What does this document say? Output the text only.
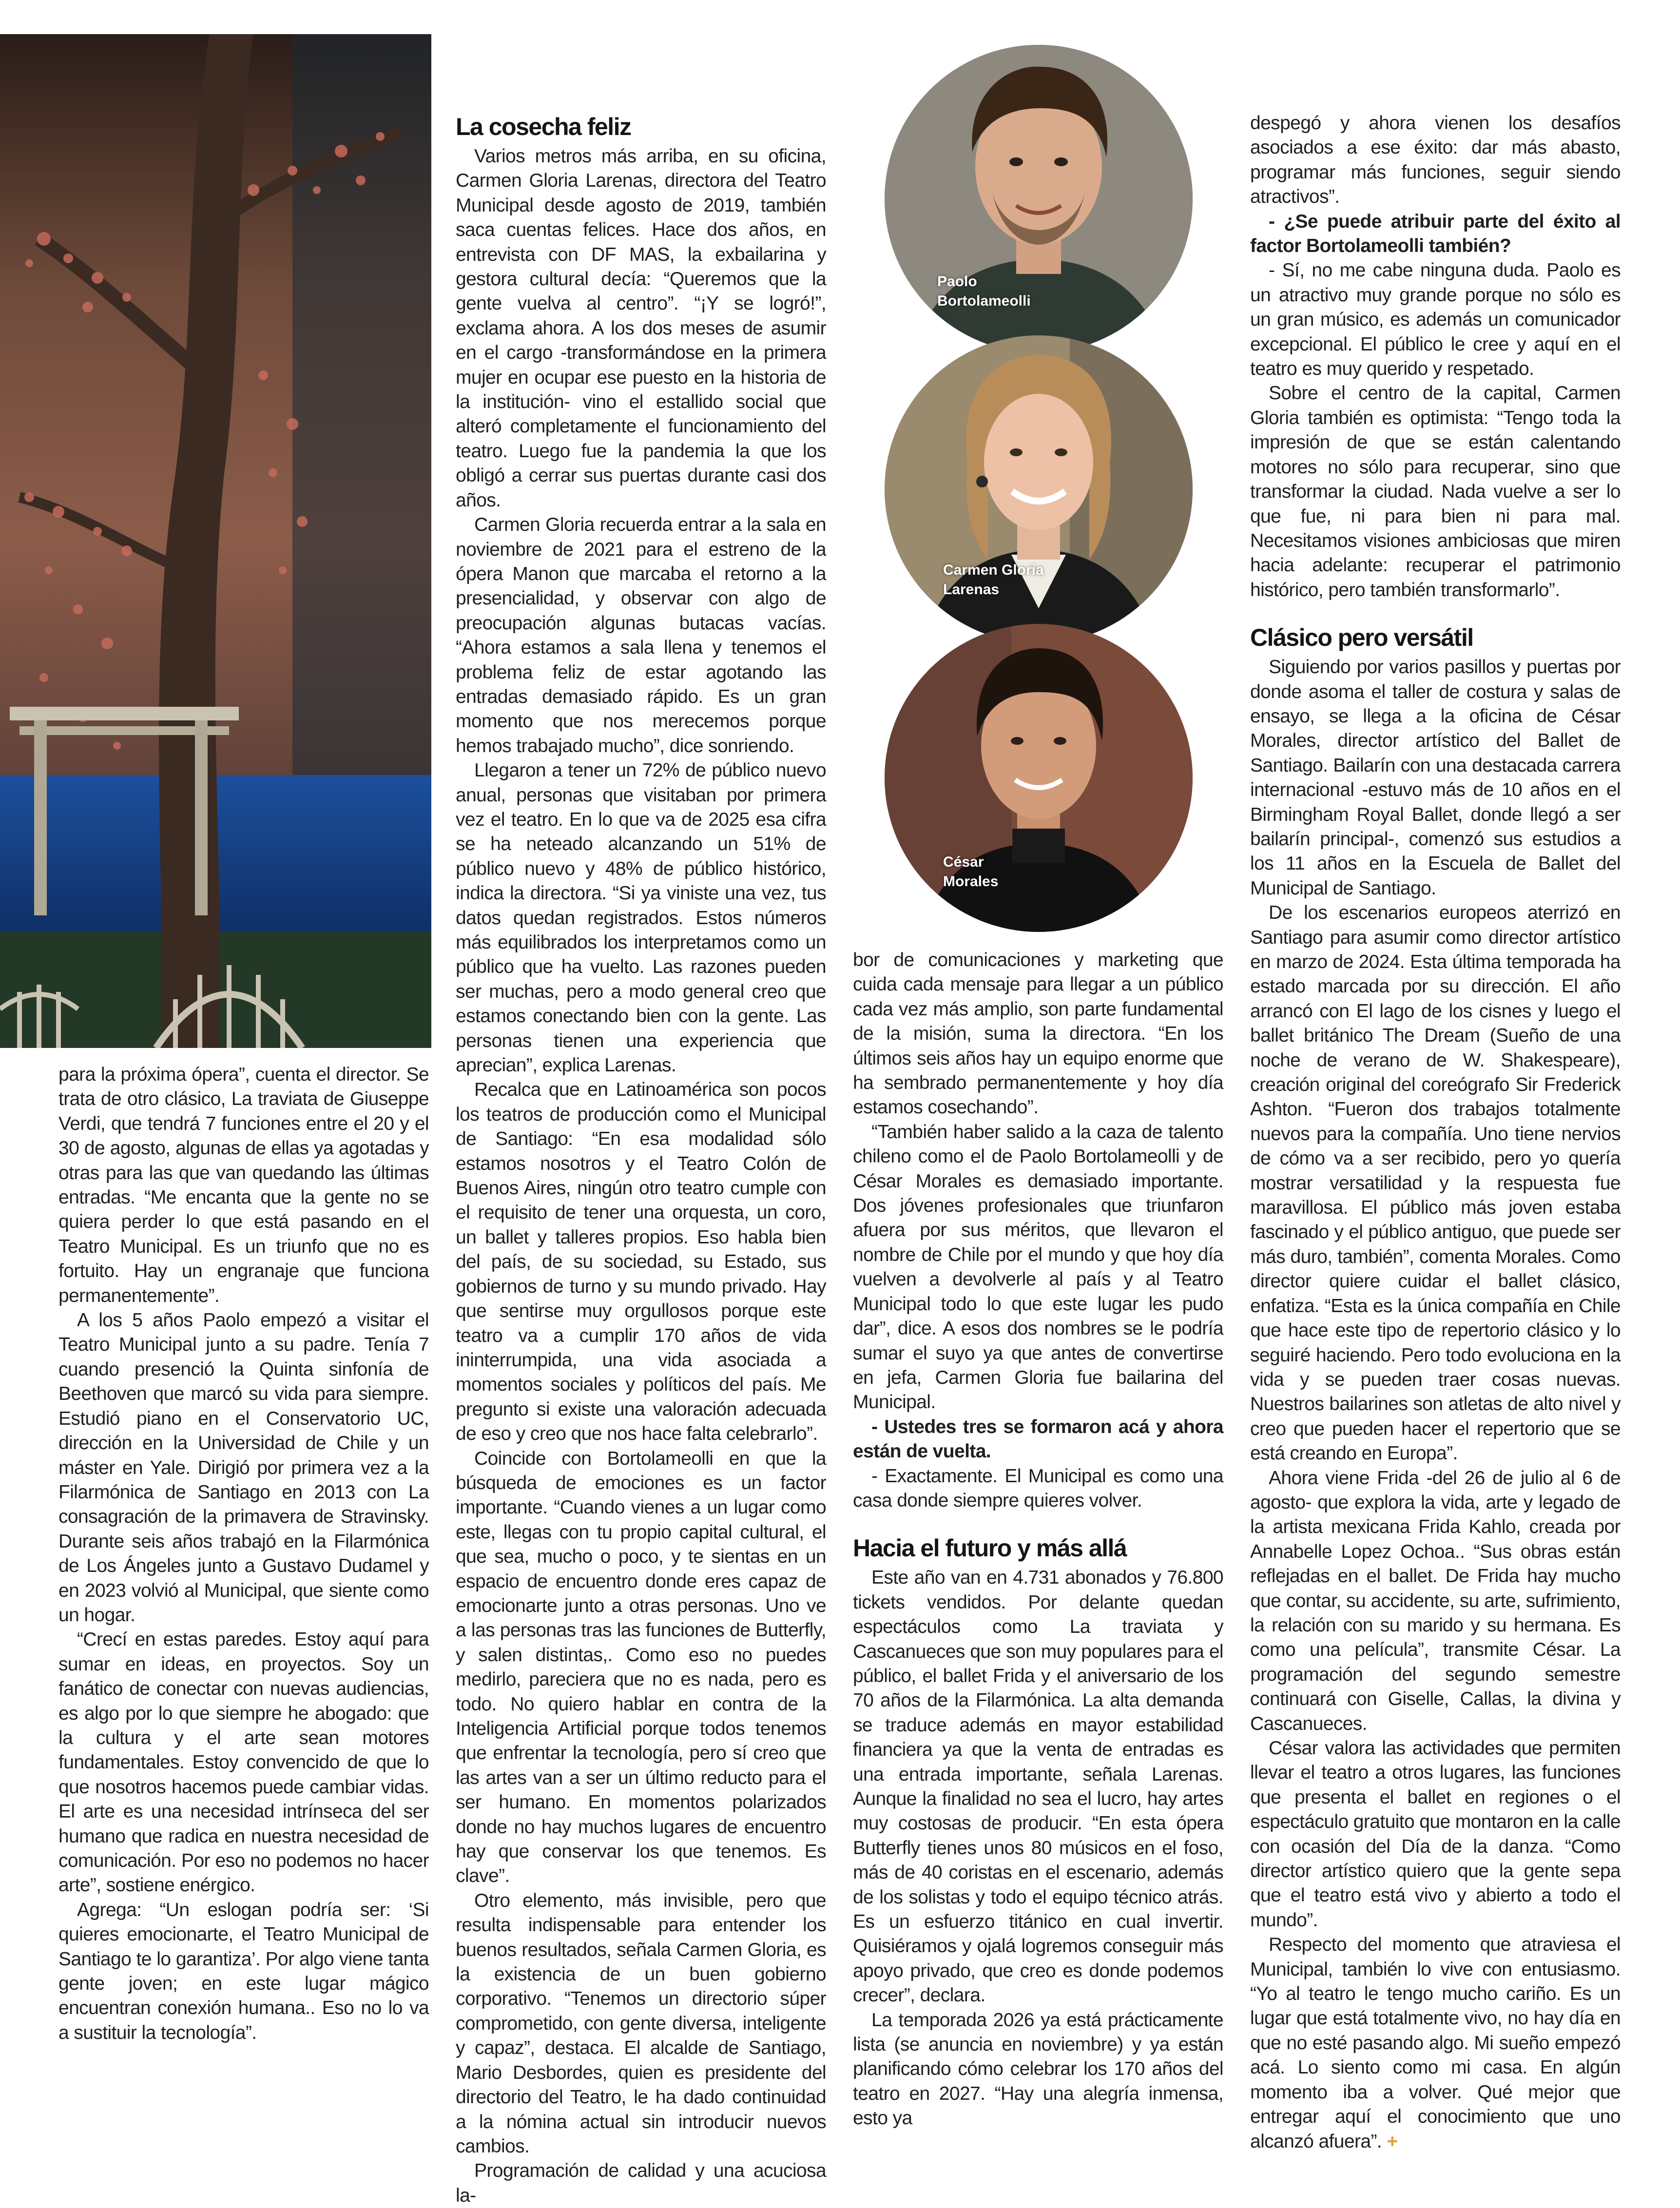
Paolo
Bortolameolli
Carmen Gloria
Larenas
César
Morales

para la próxima ópera”, cuenta el director. Se trata de otro clásico, La traviata de Giuseppe Verdi, que tendrá 7 funciones entre el 20 y el 30 de agosto, algunas de ellas ya agotadas y otras para las que van quedando las últimas entradas. “Me encanta que la gente no se quiera perder lo que está pasando en el Teatro Municipal. Es un triunfo que no es fortuito. Hay un engranaje que funciona permanentemente”.

A los 5 años Paolo empezó a visitar el Teatro Municipal junto a su padre. Tenía 7 cuando presenció la Quinta sinfonía de Beethoven que marcó su vida para siempre. Estudió piano en el Conservatorio UC, dirección en la Universidad de Chile y un máster en Yale. Dirigió por primera vez a la Filarmónica de Santiago en 2013 con La consagración de la primavera de Stravinsky. Durante seis años trabajó en la Filarmónica de Los Ángeles junto a Gustavo Dudamel y en 2023 volvió al Municipal, que siente como un hogar.

“Crecí en estas paredes. Estoy aquí para sumar en ideas, en proyectos. Soy un fanático de conectar con nuevas audiencias, es algo por lo que siempre he abogado: que la cultura y el arte sean motores fundamentales. Estoy convencido de que lo que nosotros hacemos puede cambiar vidas. El arte es una necesidad intrínseca del ser humano que radica en nuestra necesidad de comunicación. Por eso no podemos no hacer arte”, sostiene enérgico.

Agrega: “Un eslogan podría ser: ‘Si quieres emocionarte, el Teatro Municipal de Santiago te lo garantiza’. Por algo viene tanta gente joven; en este lugar mágico encuentran conexión humana.. Eso no lo va a sustituir la tecnología”.

La cosecha feliz

Varios metros más arriba, en su oficina, Carmen Gloria Larenas, directora del Teatro Municipal desde agosto de 2019, también saca cuentas felices. Hace dos años, en entrevista con DF MAS, la exbailarina y gestora cultural decía: “Queremos que la gente vuelva al centro”. “¡Y se logró!”, exclama ahora. A los dos meses de asumir en el cargo -transformándose en la primera mujer en ocupar ese puesto en la historia de la institución- vino el estallido social que alteró completamente el funcionamiento del teatro. Luego fue la pandemia la que los obligó a cerrar sus puertas durante casi dos años.

Carmen Gloria recuerda entrar a la sala en noviembre de 2021 para el estreno de la ópera Manon que marcaba el retorno a la presencialidad, y observar con algo de preocupación algunas butacas vacías. “Ahora estamos a sala llena y tenemos el problema feliz de estar agotando las entradas demasiado rápido. Es un gran momento que nos merecemos porque hemos trabajado mucho”, dice sonriendo.

Llegaron a tener un 72% de público nuevo anual, personas que visitaban por primera vez el teatro. En lo que va de 2025 esa cifra se ha neteado alcanzando un 51% de público nuevo y 48% de público histórico, indica la directora. “Si ya viniste una vez, tus datos quedan registrados. Estos números más equilibrados los interpretamos como un público que ha vuelto. Las razones pueden ser muchas, pero a modo general creo que estamos conectando bien con la gente. Las personas tienen una experiencia que aprecian”, explica Larenas.

Recalca que en Latinoamérica son pocos los teatros de producción como el Municipal de Santiago: “En esa modalidad sólo estamos nosotros y el Teatro Colón de Buenos Aires, ningún otro teatro cumple con el requisito de tener una orquesta, un coro, un ballet y talleres propios. Eso habla bien del país, de su sociedad, su Estado, sus gobiernos de turno y su mundo privado. Hay que sentirse muy orgullosos porque este teatro va a cumplir 170 años de vida ininterrumpida, una vida asociada a momentos sociales y políticos del país. Me pregunto si existe una valoración adecuada de eso y creo que nos hace falta celebrarlo”.

Coincide con Bortolameolli en que la búsqueda de emociones es un factor importante. “Cuando vienes a un lugar como este, llegas con tu propio capital cultural, el que sea, mucho o poco, y te sientas en un espacio de encuentro donde eres capaz de emocionarte junto a otras personas. Uno ve a las personas tras las funciones de Butterfly, y salen distintas,. Como eso no puedes medirlo, pareciera que no es nada, pero es todo. No quiero hablar en contra de la Inteligencia Artificial porque todos tenemos que enfrentar la tecnología, pero sí creo que las artes van a ser un último reducto para el ser humano. En momentos polarizados donde no hay muchos lugares de encuentro hay que conservar los que tenemos. Es clave”.

Otro elemento, más invisible, pero que resulta indispensable para entender los buenos resultados, señala Carmen Gloria, es la existencia de un buen gobierno corporativo. “Tenemos un directorio súper comprometido, con gente diversa, inteligente y capaz”, destaca. El alcalde de Santiago, Mario Desbordes, quien es presidente del directorio del Teatro, le ha dado continuidad a la nómina actual sin introducir nuevos cambios.

Programación de calidad y una acuciosa la-

bor de comunicaciones y marketing que cuida cada mensaje para llegar a un público cada vez más amplio, son parte fundamental de la misión, suma la directora. “En los últimos seis años hay un equipo enorme que ha sembrado permanentemente y hoy día estamos cosechando”.

“También haber salido a la caza de talento chileno como el de Paolo Bortolameolli y de César Morales es demasiado importante. Dos jóvenes profesionales que triunfaron afuera por sus méritos, que llevaron el nombre de Chile por el mundo y que hoy día vuelven a devolverle al país y al Teatro Municipal todo lo que este lugar les pudo dar”, dice. A esos dos nombres se le podría sumar el suyo ya que antes de convertirse en jefa, Carmen Gloria fue bailarina del Municipal.

- Ustedes tres se formaron acá y ahora están de vuelta.

- Exactamente. El Municipal es como una casa donde siempre quieres volver.

Hacia el futuro y más allá

Este año van en 4.731 abonados y 76.800 tickets vendidos. Por delante quedan espectáculos como La traviata y Cascanueces que son muy populares para el público, el ballet Frida y el aniversario de los 70 años de la Filarmónica. La alta demanda se traduce además en mayor estabilidad financiera ya que la venta de entradas es una entrada importante, señala Larenas. Aunque la finalidad no sea el lucro, hay artes muy costosas de producir. “En esta ópera Butterfly tienes unos 80 músicos en el foso, más de 40 coristas en el escenario, además de los solistas y todo el equipo técnico atrás. Es un esfuerzo titánico en cual invertir. Quisiéramos y ojalá logremos conseguir más apoyo privado, que creo es donde podemos crecer”, declara.

La temporada 2026 ya está prácticamente lista (se anuncia en noviembre) y ya están planificando cómo celebrar los 170 años del teatro en 2027. “Hay una alegría inmensa, esto ya

despegó y ahora vienen los desafíos asociados a ese éxito: dar más abasto, programar más funciones, seguir siendo atractivos”.

- ¿Se puede atribuir parte del éxito al factor Bortolameolli también?

- Sí, no me cabe ninguna duda. Paolo es un atractivo muy grande porque no sólo es un gran músico, es además un comunicador excepcional. El público le cree y aquí en el teatro es muy querido y respetado.

Sobre el centro de la capital, Carmen Gloria también es optimista: “Tengo toda la impresión de que se están calentando motores no sólo para recuperar, sino que transformar la ciudad. Nada vuelve a ser lo que fue, ni para bien ni para mal. Necesitamos visiones ambiciosas que miren hacia adelante: recuperar el patrimonio histórico, pero también transformarlo”.

Clásico pero versátil

Siguiendo por varios pasillos y puertas por donde asoma el taller de costura y salas de ensayo, se llega a la oficina de César Morales, director artístico del Ballet de Santiago. Bailarín con una destacada carrera internacional -estuvo más de 10 años en el Birmingham Royal Ballet, donde llegó a ser bailarín principal-, comenzó sus estudios a los 11 años en la Escuela de Ballet del Municipal de Santiago.

De los escenarios europeos aterrizó en Santiago para asumir como director artístico en marzo de 2024. Esta última temporada ha estado marcada por su dirección. El año arrancó con El lago de los cisnes y luego el ballet británico The Dream (Sueño de una noche de verano de W. Shakespeare), creación original del coreógrafo Sir Frederick Ashton. “Fueron dos trabajos totalmente nuevos para la compañía. Uno tiene nervios de cómo va a ser recibido, pero yo quería mostrar versatilidad y la respuesta fue maravillosa. El público más joven estaba fascinado y el público antiguo, que puede ser más duro, también”, comenta Morales. Como director quiere cuidar el ballet clásico, enfatiza. “Esta es la única compañía en Chile que hace este tipo de repertorio clásico y lo seguiré haciendo. Pero todo evoluciona en la vida y se pueden traer cosas nuevas. Nuestros bailarines son atletas de alto nivel y creo que pueden hacer el repertorio que se está creando en Europa”.

Ahora viene Frida -del 26 de julio al 6 de agosto- que explora la vida, arte y legado de la artista mexicana Frida Kahlo, creada por Annabelle Lopez Ochoa.. “Sus obras están reflejadas en el ballet. De Frida hay mucho que contar, su accidente, su arte, sufrimiento, la relación con su marido y su hermana. Es como una película”, transmite César. La programación del segundo semestre continuará con Giselle, Callas, la divina y Cascanueces.

César valora las actividades que permiten llevar el teatro a otros lugares, las funciones que presenta el ballet en regiones o el espectáculo gratuito que montaron en la calle con ocasión del Día de la danza. “Como director artístico quiero que la gente sepa que el teatro está vivo y abierto a todo el mundo”.

Respecto del momento que atraviesa el Municipal, también lo vive con entusiasmo. “Yo al teatro le tengo mucho cariño. Es un lugar que está totalmente vivo, no hay día en que no esté pasando algo. Mi sueño empezó acá. Lo siento como mi casa. En algún momento iba a volver. Qué mejor que entregar aquí el conocimiento que uno alcanzó afuera”. +
